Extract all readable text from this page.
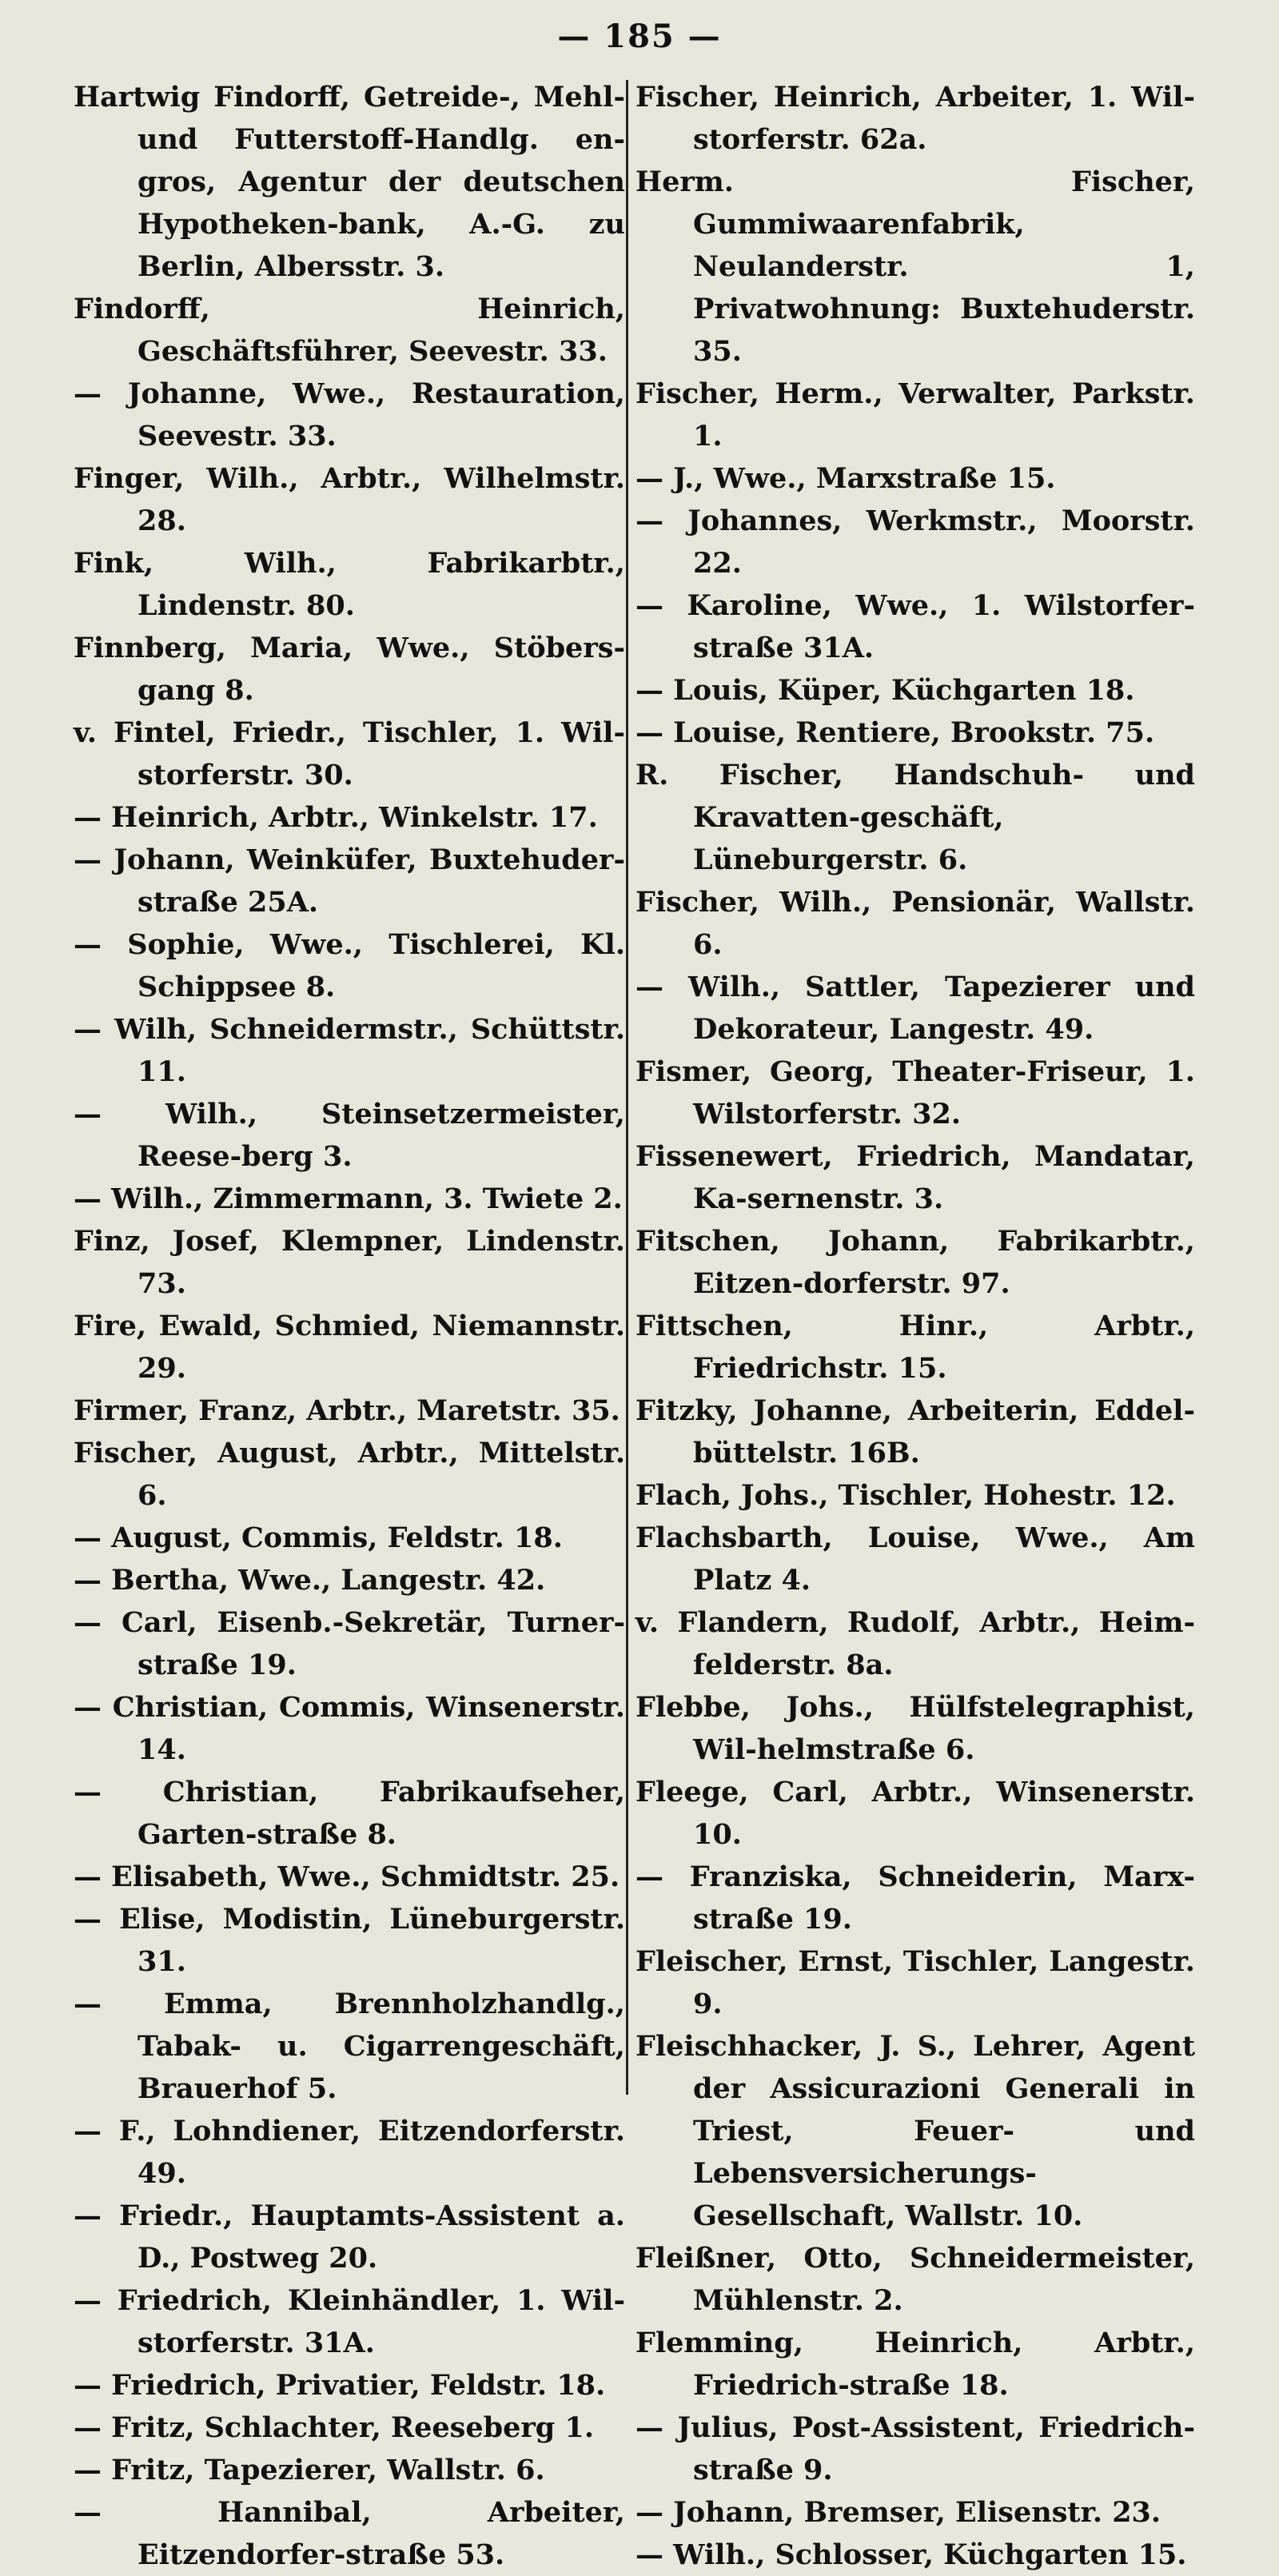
— 185 —
Hartwig Findorff, Getreide-, Mehl- und Futterstoff-Handlg. en-gros, Agentur der deutschen Hypotheken-bank, A.-G. zu Berlin, Albersstr. 3.
Findorff, Heinrich, Geschäftsführer, Seevestr. 33.
— Johanne, Wwe., Restauration, Seevestr. 33.
Finger, Wilh., Arbtr., Wilhelmstr. 28.
Fink, Wilh., Fabrikarbtr., Lindenstr. 80.
Finnberg, Maria, Wwe., Stöbers-gang 8.
v. Fintel, Friedr., Tischler, 1. Wil-storferstr. 30.
— Heinrich, Arbtr., Winkelstr. 17.
— Johann, Weinküfer, Buxtehuder-straße 25A.
— Sophie, Wwe., Tischlerei, Kl. Schippsee 8.
— Wilh, Schneidermstr., Schüttstr. 11.
— Wilh., Steinsetzermeister, Reese-berg 3.
— Wilh., Zimmermann, 3. Twiete 2.
Finz, Josef, Klempner, Lindenstr. 73.
Fire, Ewald, Schmied, Niemannstr. 29.
Firmer, Franz, Arbtr., Maretstr. 35.
Fischer, August, Arbtr., Mittelstr. 6.
— August, Commis, Feldstr. 18.
— Bertha, Wwe., Langestr. 42.
— Carl, Eisenb.-Sekretär, Turner-straße 19.
— Christian, Commis, Winsenerstr. 14.
— Christian, Fabrikaufseher, Garten-straße 8.
— Elisabeth, Wwe., Schmidtstr. 25.
— Elise, Modistin, Lüneburgerstr. 31.
— Emma, Brennholzhandlg., Tabak- u. Cigarrengeschäft, Brauerhof 5.
— F., Lohndiener, Eitzendorferstr. 49.
— Friedr., Hauptamts-Assistent a. D., Postweg 20.
— Friedrich, Kleinhändler, 1. Wil-storferstr. 31A.
— Friedrich, Privatier, Feldstr. 18.
— Fritz, Schlachter, Reeseberg 1.
— Fritz, Tapezierer, Wallstr. 6.
— Hannibal, Arbeiter, Eitzendorfer-straße 53.
Fischer, Heinrich, Arbeiter, 1. Wil-storferstr. 62a.
Herm. Fischer, Gummiwaarenfabrik, Neulanderstr. 1, Privatwohnung: Buxtehuderstr. 35.
Fischer, Herm., Verwalter, Parkstr. 1.
— J., Wwe., Marxstraße 15.
— Johannes, Werkmstr., Moorstr. 22.
— Karoline, Wwe., 1. Wilstorfer-straße 31A.
— Louis, Küper, Küchgarten 18.
— Louise, Rentiere, Brookstr. 75.
R. Fischer, Handschuh- und Kravatten-geschäft, Lüneburgerstr. 6.
Fischer, Wilh., Pensionär, Wallstr. 6.
— Wilh., Sattler, Tapezierer und Dekorateur, Langestr. 49.
Fismer, Georg, Theater-Friseur, 1. Wilstorferstr. 32.
Fissenewert, Friedrich, Mandatar, Ka-sernenstr. 3.
Fitschen, Johann, Fabrikarbtr., Eitzen-dorferstr. 97.
Fittschen, Hinr., Arbtr., Friedrichstr. 15.
Fitzky, Johanne, Arbeiterin, Eddel-büttelstr. 16B.
Flach, Johs., Tischler, Hohestr. 12.
Flachsbarth, Louise, Wwe., Am Platz 4.
v. Flandern, Rudolf, Arbtr., Heim-felderstr. 8a.
Flebbe, Johs., Hülfstelegraphist, Wil-helmstraße 6.
Fleege, Carl, Arbtr., Winsenerstr. 10.
— Franziska, Schneiderin, Marx-straße 19.
Fleischer, Ernst, Tischler, Langestr. 9.
Fleischhacker, J. S., Lehrer, Agent der Assicurazioni Generali in Triest, Feuer- und Lebensversicherungs-Gesellschaft, Wallstr. 10.
Fleißner, Otto, Schneidermeister, Mühlenstr. 2.
Flemming, Heinrich, Arbtr., Friedrich-straße 18.
— Julius, Post-Assistent, Friedrich-straße 9.
— Johann, Bremser, Elisenstr. 23.
— Wilh., Schlosser, Küchgarten 15.
